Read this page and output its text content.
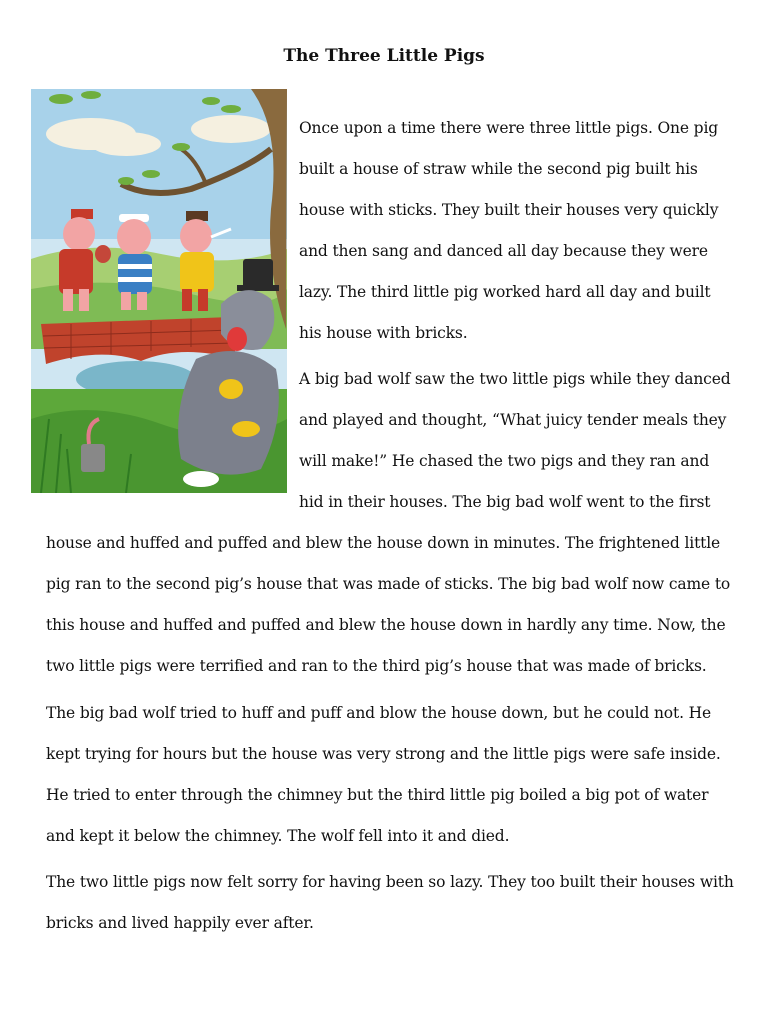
The Three Little Pigs
Once upon a time there were three little pigs. One pig
built a house of straw while the second pig built his
house with sticks. They built their houses very quickly
and then sang and danced all day because they were
lazy. The third little pig worked hard all day and built
his house with bricks.
A big bad wolf saw the two little pigs while they danced
and played and thought, “What juicy tender meals they
will make!” He chased the two pigs and they ran and
hid in their houses. The big bad wolf went to the first
house and huffed and puffed and blew the house down in minutes. The frightened little
pig ran to the second pig’s house that was made of sticks. The big bad wolf now came to
this house and huffed and puffed and blew the house down in hardly any time. Now, the
two little pigs were terrified and ran to the third pig’s house that was made of bricks.
The big bad wolf tried to huff and puff and blow the house down, but he could not. He
kept trying for hours but the house was very strong and the little pigs were safe inside.
He tried to enter through the chimney but the third little pig boiled a big pot of water
and kept it below the chimney. The wolf fell into it and died.
The two little pigs now felt sorry for having been so lazy. They too built their houses with
bricks and lived happily ever after.
